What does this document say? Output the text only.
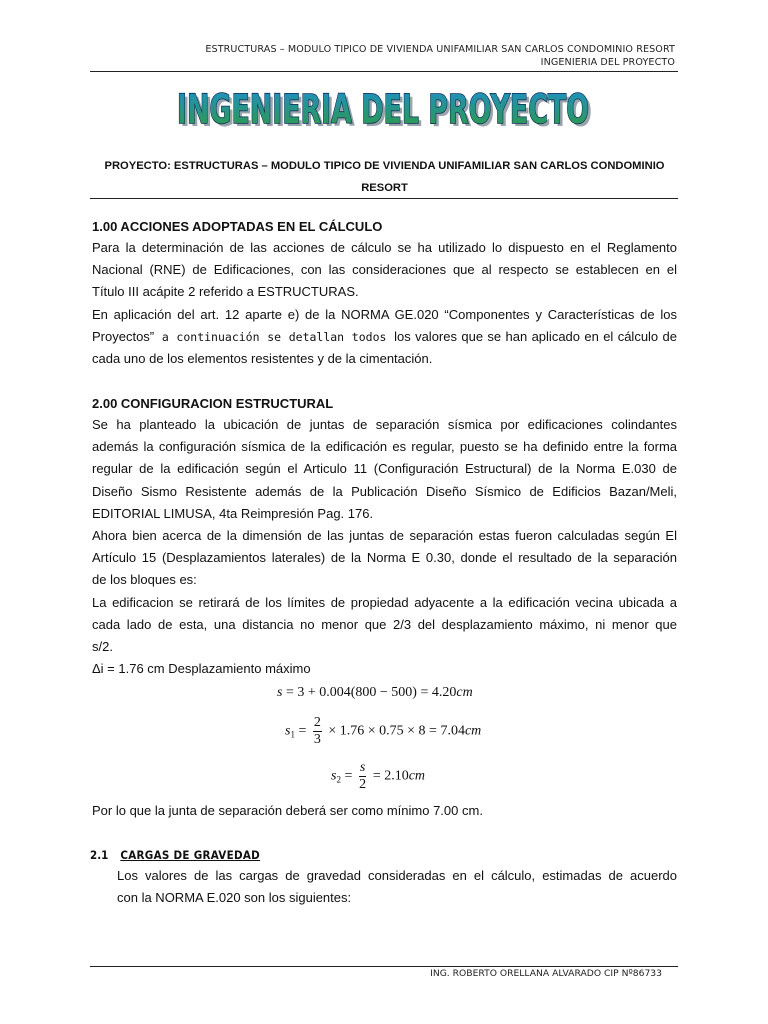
ESTRUCTURAS – MODULO TIPICO DE VIVIENDA UNIFAMILIAR SAN CARLOS CONDOMINIO RESORT
INGENIERIA DEL PROYECTO
INGENIERIA DEL PROYECTO
INGENIERIA DEL PROYECTO
PROYECTO: ESTRUCTURAS – MODULO TIPICO DE VIVIENDA UNIFAMILIAR SAN CARLOS CONDOMINIO
RESORT
1.00 ACCIONES ADOPTADAS EN EL CÁLCULO
Para la determinación de las acciones de cálculo se ha utilizado lo dispuesto en el Reglamento
Nacional (RNE) de Edificaciones, con las consideraciones que al respecto se establecen en el
Título III acápite 2 referido a ESTRUCTURAS.
En aplicación del art. 12 aparte e) de la NORMA GE.020 “Componentes y Características de los
Proyectos” a continuación se detallan todos los valores que se han aplicado en el cálculo de
cada uno de los elementos resistentes y de la cimentación.
2.00 CONFIGURACION ESTRUCTURAL
Se ha planteado la ubicación de juntas de separación sísmica por edificaciones colindantes
además la configuración sísmica de la edificación es regular, puesto se ha definido entre la forma
regular de la edificación según el Articulo 11 (Configuración Estructural) de la Norma E.030 de
Diseño Sismo Resistente además de la Publicación Diseño Sísmico de Edificios Bazan/Meli,
EDITORIAL LIMUSA, 4ta Reimpresión Pag. 176.
Ahora bien acerca de la dimensión de las juntas de separación estas fueron calculadas según El
Artículo 15 (Desplazamientos laterales) de la Norma E 0.30, donde el resultado de la separación
de los bloques es:
La edificacion se retirará de los límites de propiedad adyacente a la edificación vecina ubicada a
cada lado de esta, una distancia no menor que 2/3 del desplazamiento máximo, ni menor que
s/2.
Δi = 1.76 cm Desplazamiento máximo
s = 3 + 0.004(800 − 500) = 4.20cm
$s_1 = \frac{2}{3} \times 1.76 \times 0.75 \times 8 = 7.04cm$
$s_2 = \frac{s}{2} = 2.10cm$
Por lo que la junta de separación deberá ser como mínimo 7.00 cm.
2.1 CARGAS DE GRAVEDAD
Los valores de las cargas de gravedad consideradas en el cálculo, estimadas de acuerdo
con la NORMA E.020 son los siguientes:
ING. ROBERTO ORELLANA ALVARADO CIP Nº86733
